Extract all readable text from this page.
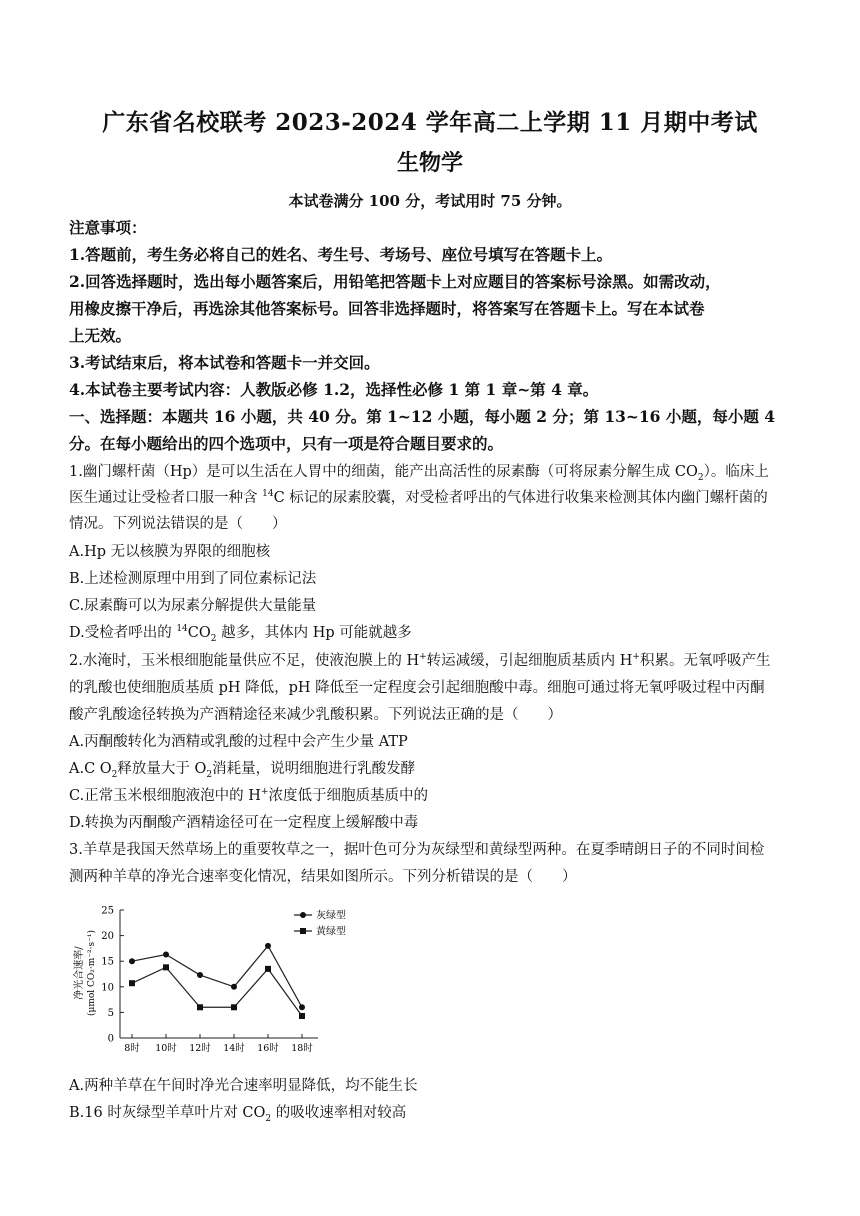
广东省名校联考 2023-2024 学年高二上学期 11 月期中考试
生物学
本试卷满分 100 分，考试用时 75 分钟。
注意事项：
1.答题前，考生务必将自己的姓名、考生号、考场号、座位号填写在答题卡上。
2.回答选择题时，选出每小题答案后，用铅笔把答题卡上对应题目的答案标号涂黑。如需改动，
用橡皮擦干净后，再选涂其他答案标号。回答非选择题时，将答案写在答题卡上。写在本试卷
上无效。
3.考试结束后，将本试卷和答题卡一并交回。
4.本试卷主要考试内容：人教版必修 1.2，选择性必修 1 第 1 章~第 4 章。
一、选择题：本题共 16 小题，共 40 分。第 1~12 小题，每小题 2 分；第 13~16 小题，每小题 4
分。在每小题给出的四个选项中，只有一项是符合题目要求的。
1.幽门螺杆菌（Hp）是可以生活在人胃中的细菌，能产出高活性的尿素酶（可将尿素分解生成 $CO_2$）。临床上
医生通过让受检者口服一种含 $^{14}$C 标记的尿素胶囊，对受检者呼出的气体进行收集来检测其体内幽门螺杆菌的
情况。下列说法错误的是（　　）
A.Hp 无以核膜为界限的细胞核
B.上述检测原理中用到了同位素标记法
C.尿素酶可以为尿素分解提供大量能量
D.受检者呼出的 $^{14}CO_2$ 越多，其体内 Hp 可能就越多
2.水淹时，玉米根细胞能量供应不足，使液泡膜上的 H+转运减缓，引起细胞质基质内 H+积累。无氧呼吸产生
的乳酸也使细胞质基质 pH 降低，pH 降低至一定程度会引起细胞酸中毒。细胞可通过将无氧呼吸过程中丙酮
酸产乳酸途径转换为产酒精途径来减少乳酸积累。下列说法正确的是（　　）
A.丙酮酸转化为酒精或乳酸的过程中会产生少量 ATP
A.C $O_2$释放量大于 $O_2$消耗量，说明细胞进行乳酸发酵
C.正常玉米根细胞液泡中的 H+浓度低于细胞质基质中的
D.转换为丙酮酸产酒精途径可在一定程度上缓解酸中毒
3.羊草是我国天然草场上的重要牧草之一，据叶色可分为灰绿型和黄绿型两种。在夏季晴朗日子的不同时间检
测两种羊草的净光合速率变化情况，结果如图所示。下列分析错误的是（　　）
0
5
10
15
20
25
8时 10时 12时 14时 16时 18时
灰绿型
黄绿型
净光合速率/ (μmol CO₂·m⁻²·s⁻¹)
A.两种羊草在午间时净光合速率明显降低，均不能生长
B.16 时灰绿型羊草叶片对 $CO_2$ 的吸收速率相对较高
